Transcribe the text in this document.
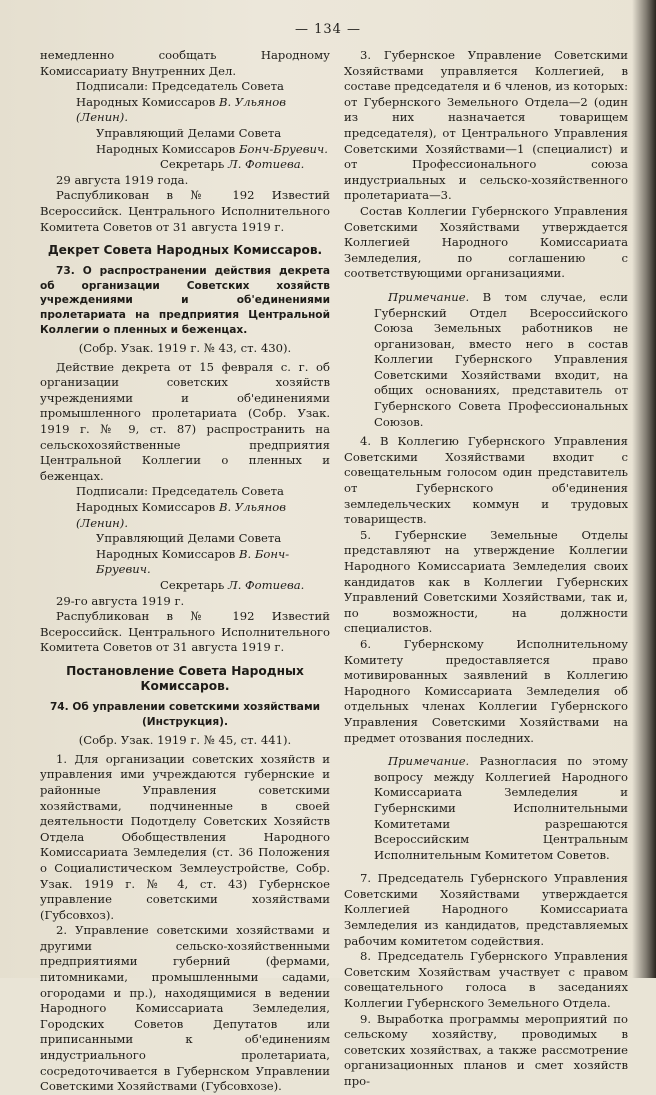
— 134 —

немедленно сообщать Народному Комиссариату Внутренних Дел.

Подписали: Председатель Совета Народных Комиссаров В. Ульянов (Ленин).

Управляющий Делами Совета Народных Комиссаров Бонч-Бруевич.

Секретарь Л. Фотиева.

29 августа 1919 года.

Распубликован в № 192 Известий Всероссийск. Центрального Исполнительного Комитета Советов от 31 августа 1919 г.

Декрет Совета Народных Комиссаров.

73. О распространении действия декрета об организации Советских хозяйств учреждениями и об'единениями пролетариата на предприятия Центральной Коллегии о пленных и беженцах.

(Собр. Узак. 1919 г. № 43, ст. 430).

Действие декрета от 15 февраля с. г. об организации советских хозяйств учреждениями и об'единениями промышленного пролетариата (Собр. Узак. 1919 г. № 9, ст. 87) распространить на сельскохозяйственные предприятия Центральной Коллегии о пленных и беженцах.

Подписали: Председатель Совета Народных Комиссаров В. Ульянов (Ленин).

Управляющий Делами Совета Народных Комиссаров В. Бонч-Бруевич.

Секретарь Л. Фотиева.

29-го августа 1919 г.

Распубликован в № 192 Известий Всероссийск. Центрального Исполнительного Комитета Советов от 31 августа 1919 г.

Постановление Совета Народных Комиссаров.

74. Об управлении советскими хозяйствами (Инструкция).

(Собр. Узак. 1919 г. № 45, ст. 441).

1. Для организации советских хозяйств и управления ими учреждаются губернские и районные Управления советскими хозяйствами, подчиненные в своей деятельности Подотделу Советских Хозяйств Отдела Обобществления Народного Комиссариата Земледелия (ст. 36 Положения о Социалистическом Землеустройстве, Собр. Узак. 1919 г. № 4, ст. 43) Губернское управление советскими хозяйствами (Губсовхоз).

2. Управление советскими хозяйствами и другими сельско-хозяйственными предприятиями губерний (фермами, питомниками, промышленными садами, огородами и пр.), находящимися в ведении Народного Комиссариата Земледелия, Городских Советов Депутатов или приписанными к об'единениям индустриального пролетариата, сосредоточивается в Губернском Управлении Советскими Хозяйствами (Губсовхозе).

3. Губернское Управление Советскими Хозяйствами управляется Коллегией, в составе председателя и 6 членов, из которых: от Губернского Земельного Отдела—2 (один из них назначается товарищем председателя), от Центрального Управления Советскими Хозяйствами—1 (специалист) и от Профессионального союза индустриальных и сельско-хозяйственного пролетариата—3.

Состав Коллегии Губернского Управления Советскими Хозяйствами утверждается Коллегией Народного Комиссариата Земледелия, по соглашению с соответствующими организациями.

Примечание. В том случае, если Губернский Отдел Всероссийского Союза Земельных работников не организован, вместо него в состав Коллегии Губернского Управления Советскими Хозяйствами входит, на общих основаниях, представитель от Губернского Совета Профессиональных Союзов.

4. В Коллегию Губернского Управления Советскими Хозяйствами входит с совещательным голосом один представитель от Губернского об'единения земледельческих коммун и трудовых товариществ.

5. Губернские Земельные Отделы представляют на утверждение Коллегии Народного Комиссариата Земледелия своих кандидатов как в Коллегии Губернских Управлений Советскими Хозяйствами, так и, по возможности, на должности специалистов.

6. Губернскому Исполнительному Комитету предоставляется право мотивированных заявлений в Коллегию Народного Комиссариата Земледелия об отдельных членах Коллегии Губернского Управления Советскими Хозяйствами на предмет отозвания последних.

Примечание. Разногласия по этому вопросу между Коллегией Народного Комиссариата Земледелия и Губернскими Исполнительными Комитетами разрешаются Всероссийским Центральным Исполнительным Комитетом Советов.

7. Председатель Губернского Управления Советскими Хозяйствами утверждается Коллегией Народного Комиссариата Земледелия из кандидатов, представляемых рабочим комитетом содействия.

8. Председатель Губернского Управления Советским Хозяйствам участвует с правом совещательного голоса в заседаниях Коллегии Губернского Земельного Отдела.

9. Выработка программы мероприятий по сельскому хозяйству, проводимых в советских хозяйствах, а также рассмотрение организационных планов и смет хозяйств про-
